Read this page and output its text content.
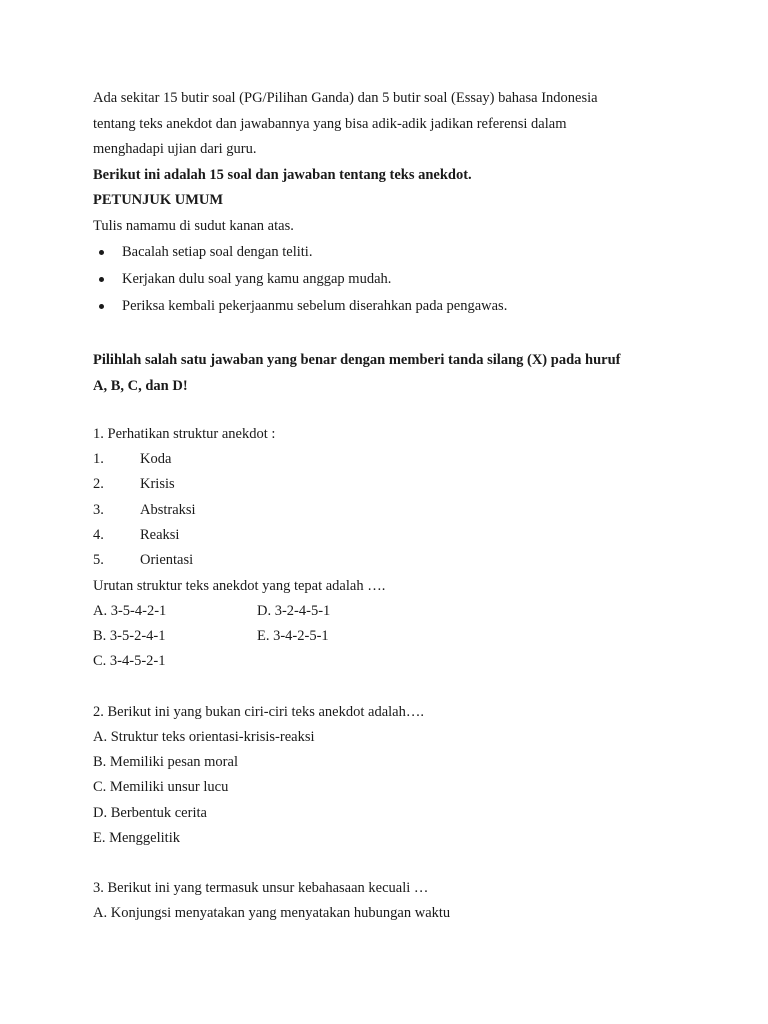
Ada sekitar 15 butir soal (PG/Pilihan Ganda) dan 5 butir soal (Essay) bahasa Indonesia
tentang teks anekdot dan jawabannya yang bisa adik-adik jadikan referensi dalam
menghadapi ujian dari guru.
Berikut ini adalah 15 soal dan jawaban tentang teks anekdot.
PETUNJUK UMUM
Tulis namamu di sudut kanan atas.
Bacalah setiap soal dengan teliti.
Kerjakan dulu soal yang kamu anggap mudah.
Periksa kembali pekerjaanmu sebelum diserahkan pada pengawas.
Pilihlah salah satu jawaban yang benar dengan memberi tanda silang (X) pada huruf
A, B, C, dan D!
1. Perhatikan struktur anekdot :
1. Koda
2. Krisis
3. Abstraksi
4. Reaksi
5. Orientasi
Urutan struktur teks anekdot yang tepat adalah ….
A. 3-5-4-2-1	D. 3-2-4-5-1
B. 3-5-2-4-1	E. 3-4-2-5-1
C. 3-4-5-2-1
2. Berikut ini yang bukan ciri-ciri teks anekdot adalah….
A. Struktur teks orientasi-krisis-reaksi
B. Memiliki pesan moral
C. Memiliki unsur lucu
D. Berbentuk cerita
E. Menggelitik
3. Berikut ini yang termasuk unsur kebahasaan kecuali …
A. Konjungsi menyatakan yang menyatakan hubungan waktu
